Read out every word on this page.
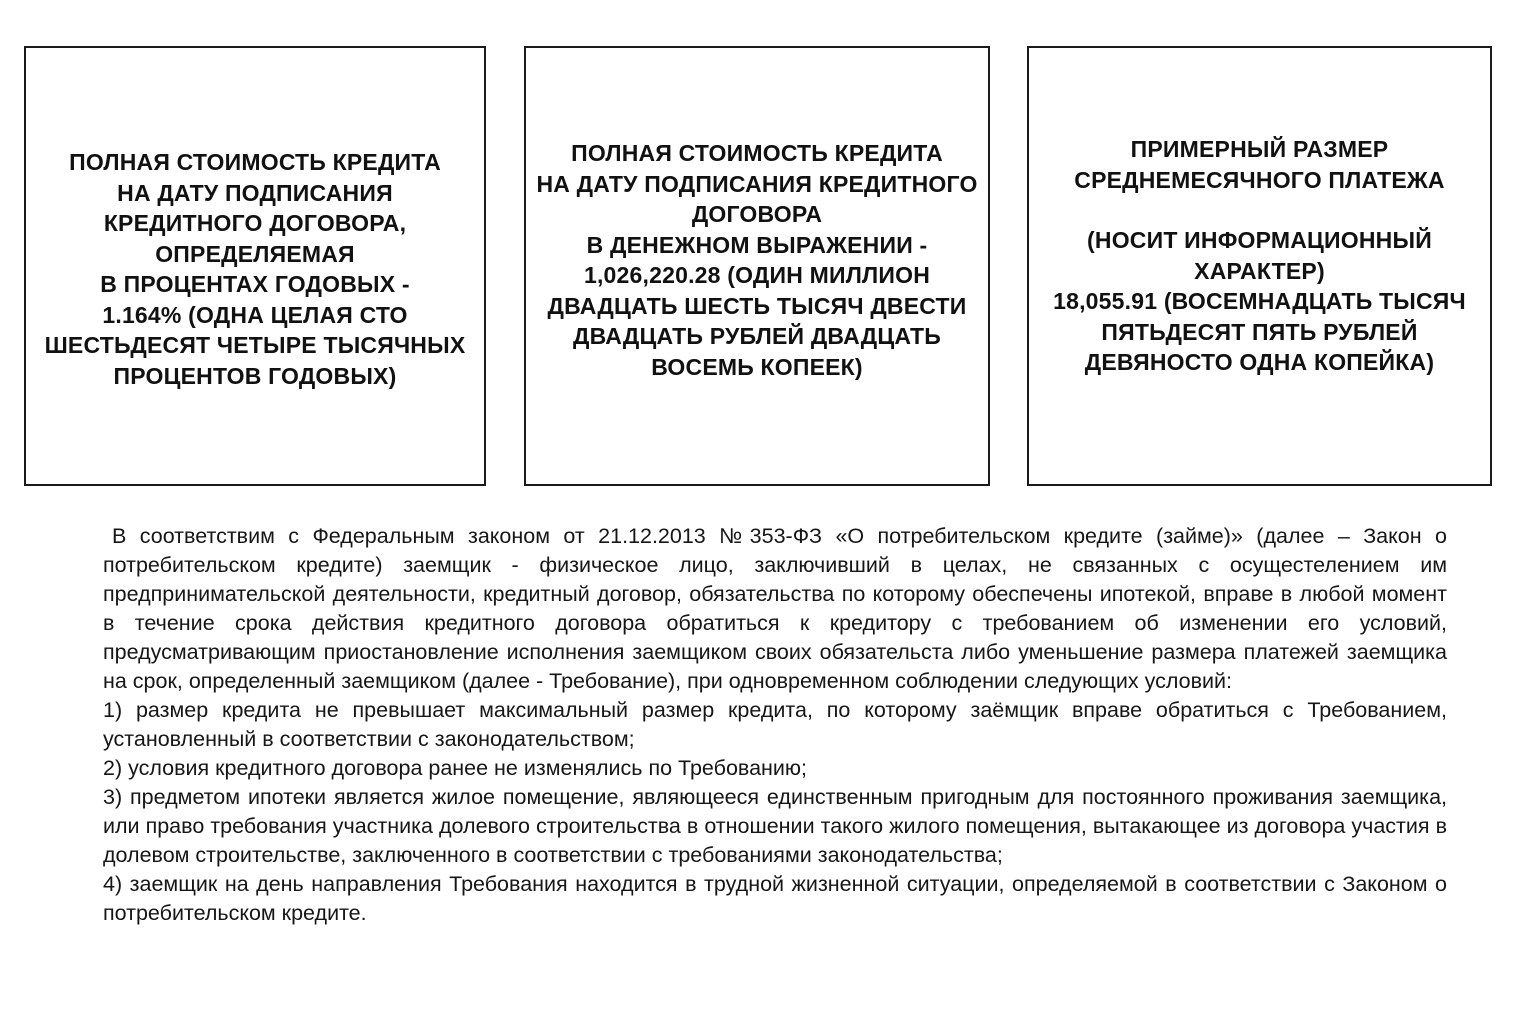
ПОЛНАЯ СТОИМОСТЬ КРЕДИТА
НА ДАТУ ПОДПИСАНИЯ
КРЕДИТНОГО ДОГОВОРА,
ОПРЕДЕЛЯЕМАЯ
В ПРОЦЕНТАХ ГОДОВЫХ -
1.164% (ОДНА ЦЕЛАЯ СТО
ШЕСТЬДЕСЯТ ЧЕТЫРЕ ТЫСЯЧНЫХ
ПРОЦЕНТОВ ГОДОВЫХ)
ПОЛНАЯ СТОИМОСТЬ КРЕДИТА
НА ДАТУ ПОДПИСАНИЯ КРЕДИТНОГО
ДОГОВОРА
В ДЕНЕЖНОМ ВЫРАЖЕНИИ -
1,026,220.28 (ОДИН МИЛЛИОН
ДВАДЦАТЬ ШЕСТЬ ТЫСЯЧ ДВЕСТИ
ДВАДЦАТЬ РУБЛЕЙ ДВАДЦАТЬ
ВОСЕМЬ КОПЕЕК)
ПРИМЕРНЫЙ РАЗМЕР
СРЕДНЕМЕСЯЧНОГО ПЛАТЕЖА
(НОСИТ ИНФОРМАЦИОННЫЙ
ХАРАКТЕР)
18,055.91 (ВОСЕМНАДЦАТЬ ТЫСЯЧ
ПЯТЬДЕСЯТ ПЯТЬ РУБЛЕЙ
ДЕВЯНОСТО ОДНА КОПЕЙКА)

В соответствим с Федеральным законом от 21.12.2013 №353-ФЗ «О потребительском кредите (займе)» (далее – Закон о потребительском кредите) заемщик - физическое лицо, заключивший в целах, не связанных с осущестелением им предпринимательской деятельности, кредитный договор, обязательства по которому обеспечены ипотекой, вправе в любой момент в течение срока действия кредитного договора обратиться к кредитору с требованием об изменении его условий, предусматривающим приостановление исполнения заемщиком своих обязательста либо уменьшение размера платежей заемщика на срок, определенный заемщиком (далее - Требование), при одновременном соблюдении следующих условий:

1) размер кредита не превышает максимальный размер кредита, по которому заёмщик вправе обратиться с Требованием, установленный в соответствии с законодательством;

2) условия кредитного договора ранее не изменялись по Требованию;

3) предметом ипотеки является жилое помещение, являющееся единственным пригодным для постоянного проживания заемщика, или право требования участника долевого строительства в отношении такого жилого помещения, вытакающее из договора участия в долевом строительстве, заключенного в соответствии с требованиями законодательства;

4) заемщик на день направления Требования находится в трудной жизненной ситуации, определяемой в соответствии с Законом о потребительском кредите.
